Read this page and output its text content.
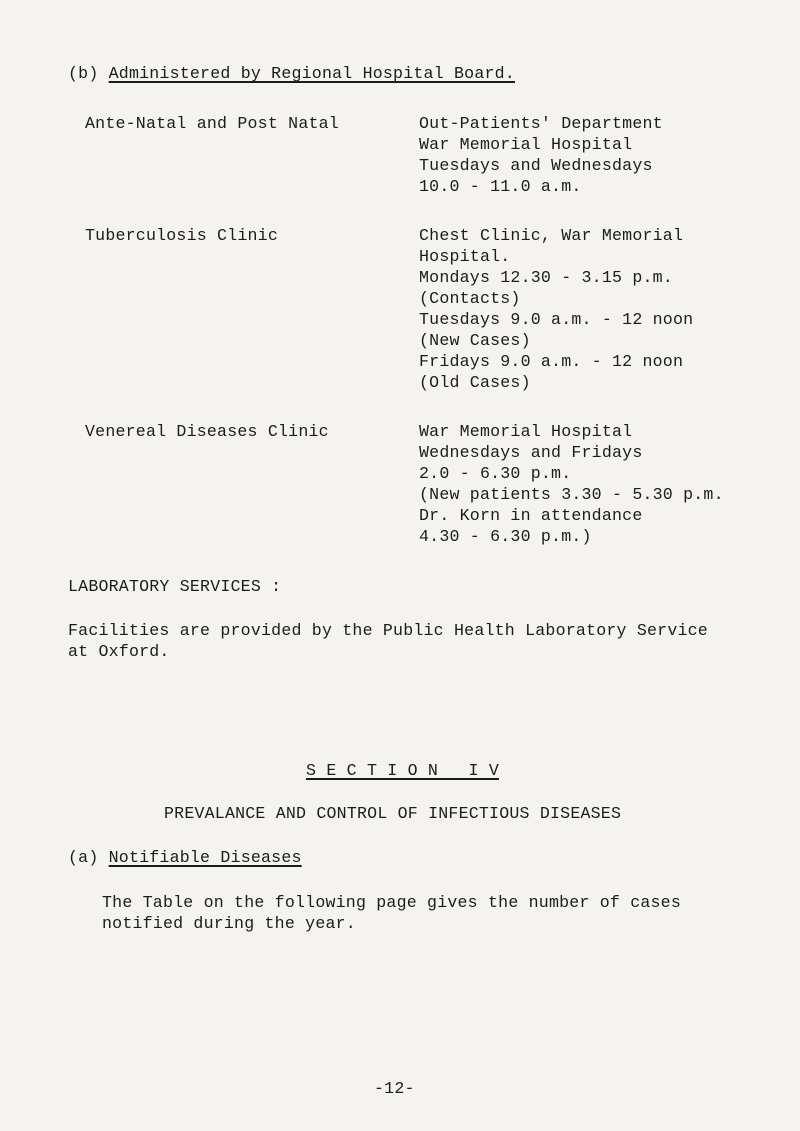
(b) Administered by Regional Hospital Board.
Ante-Natal and Post Natal	Out-Patients' Department
War Memorial Hospital
Tuesdays and Wednesdays
10.0 - 11.0 a.m.
Tuberculosis Clinic	Chest Clinic, War Memorial
Hospital.
Mondays 12.30 - 3.15 p.m.
(Contacts)
Tuesdays 9.0 a.m. - 12 noon
(New Cases)
Fridays 9.0 a.m. - 12 noon
(Old Cases)
Venereal Diseases Clinic	War Memorial Hospital
Wednesdays and Fridays
2.0 - 6.30 p.m.
(New patients 3.30 - 5.30 p.m.
Dr. Korn in attendance
4.30 - 6.30 p.m.)
LABORATORY SERVICES :
Facilities are provided by the Public Health Laboratory Service
at Oxford.
S E C T I O N   I V
PREVALANCE AND CONTROL OF INFECTIOUS DISEASES
(a) Notifiable Diseases
The Table on the following page gives the number of cases
notified during the year.
-12-
